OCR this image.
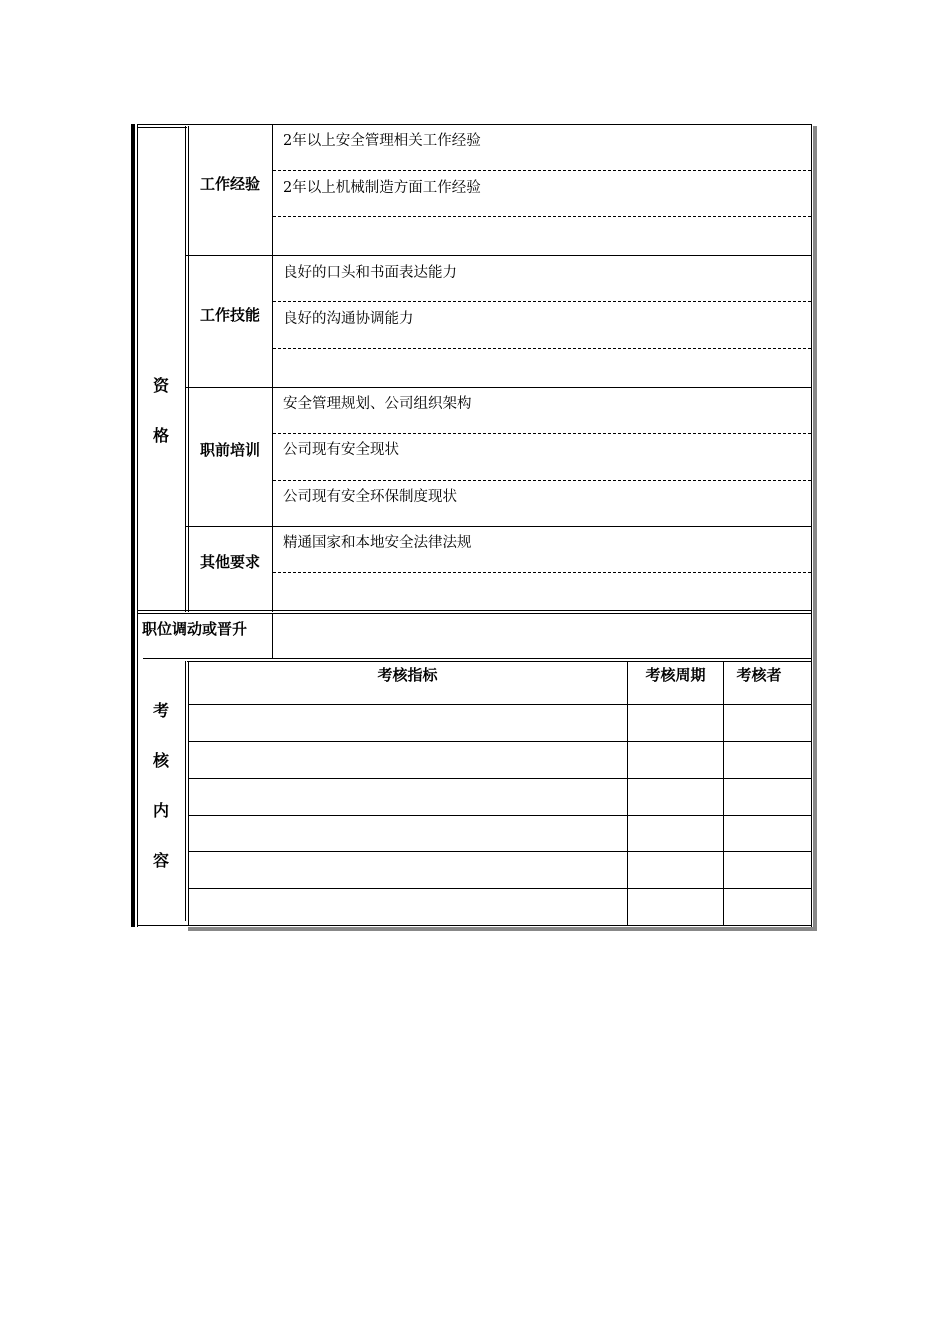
资
格
工作经验
2年以上安全管理相关工作经验
2年以上机械制造方面工作经验
工作技能
良好的口头和书面表达能力
良好的沟通协调能力
职前培训
安全管理规划、公司组织架构
公司现有安全现状
公司现有安全环保制度现状
其他要求
精通国家和本地安全法律法规
职位调动或晋升
考
核
内
容
考核指标	考核周期	考核者
